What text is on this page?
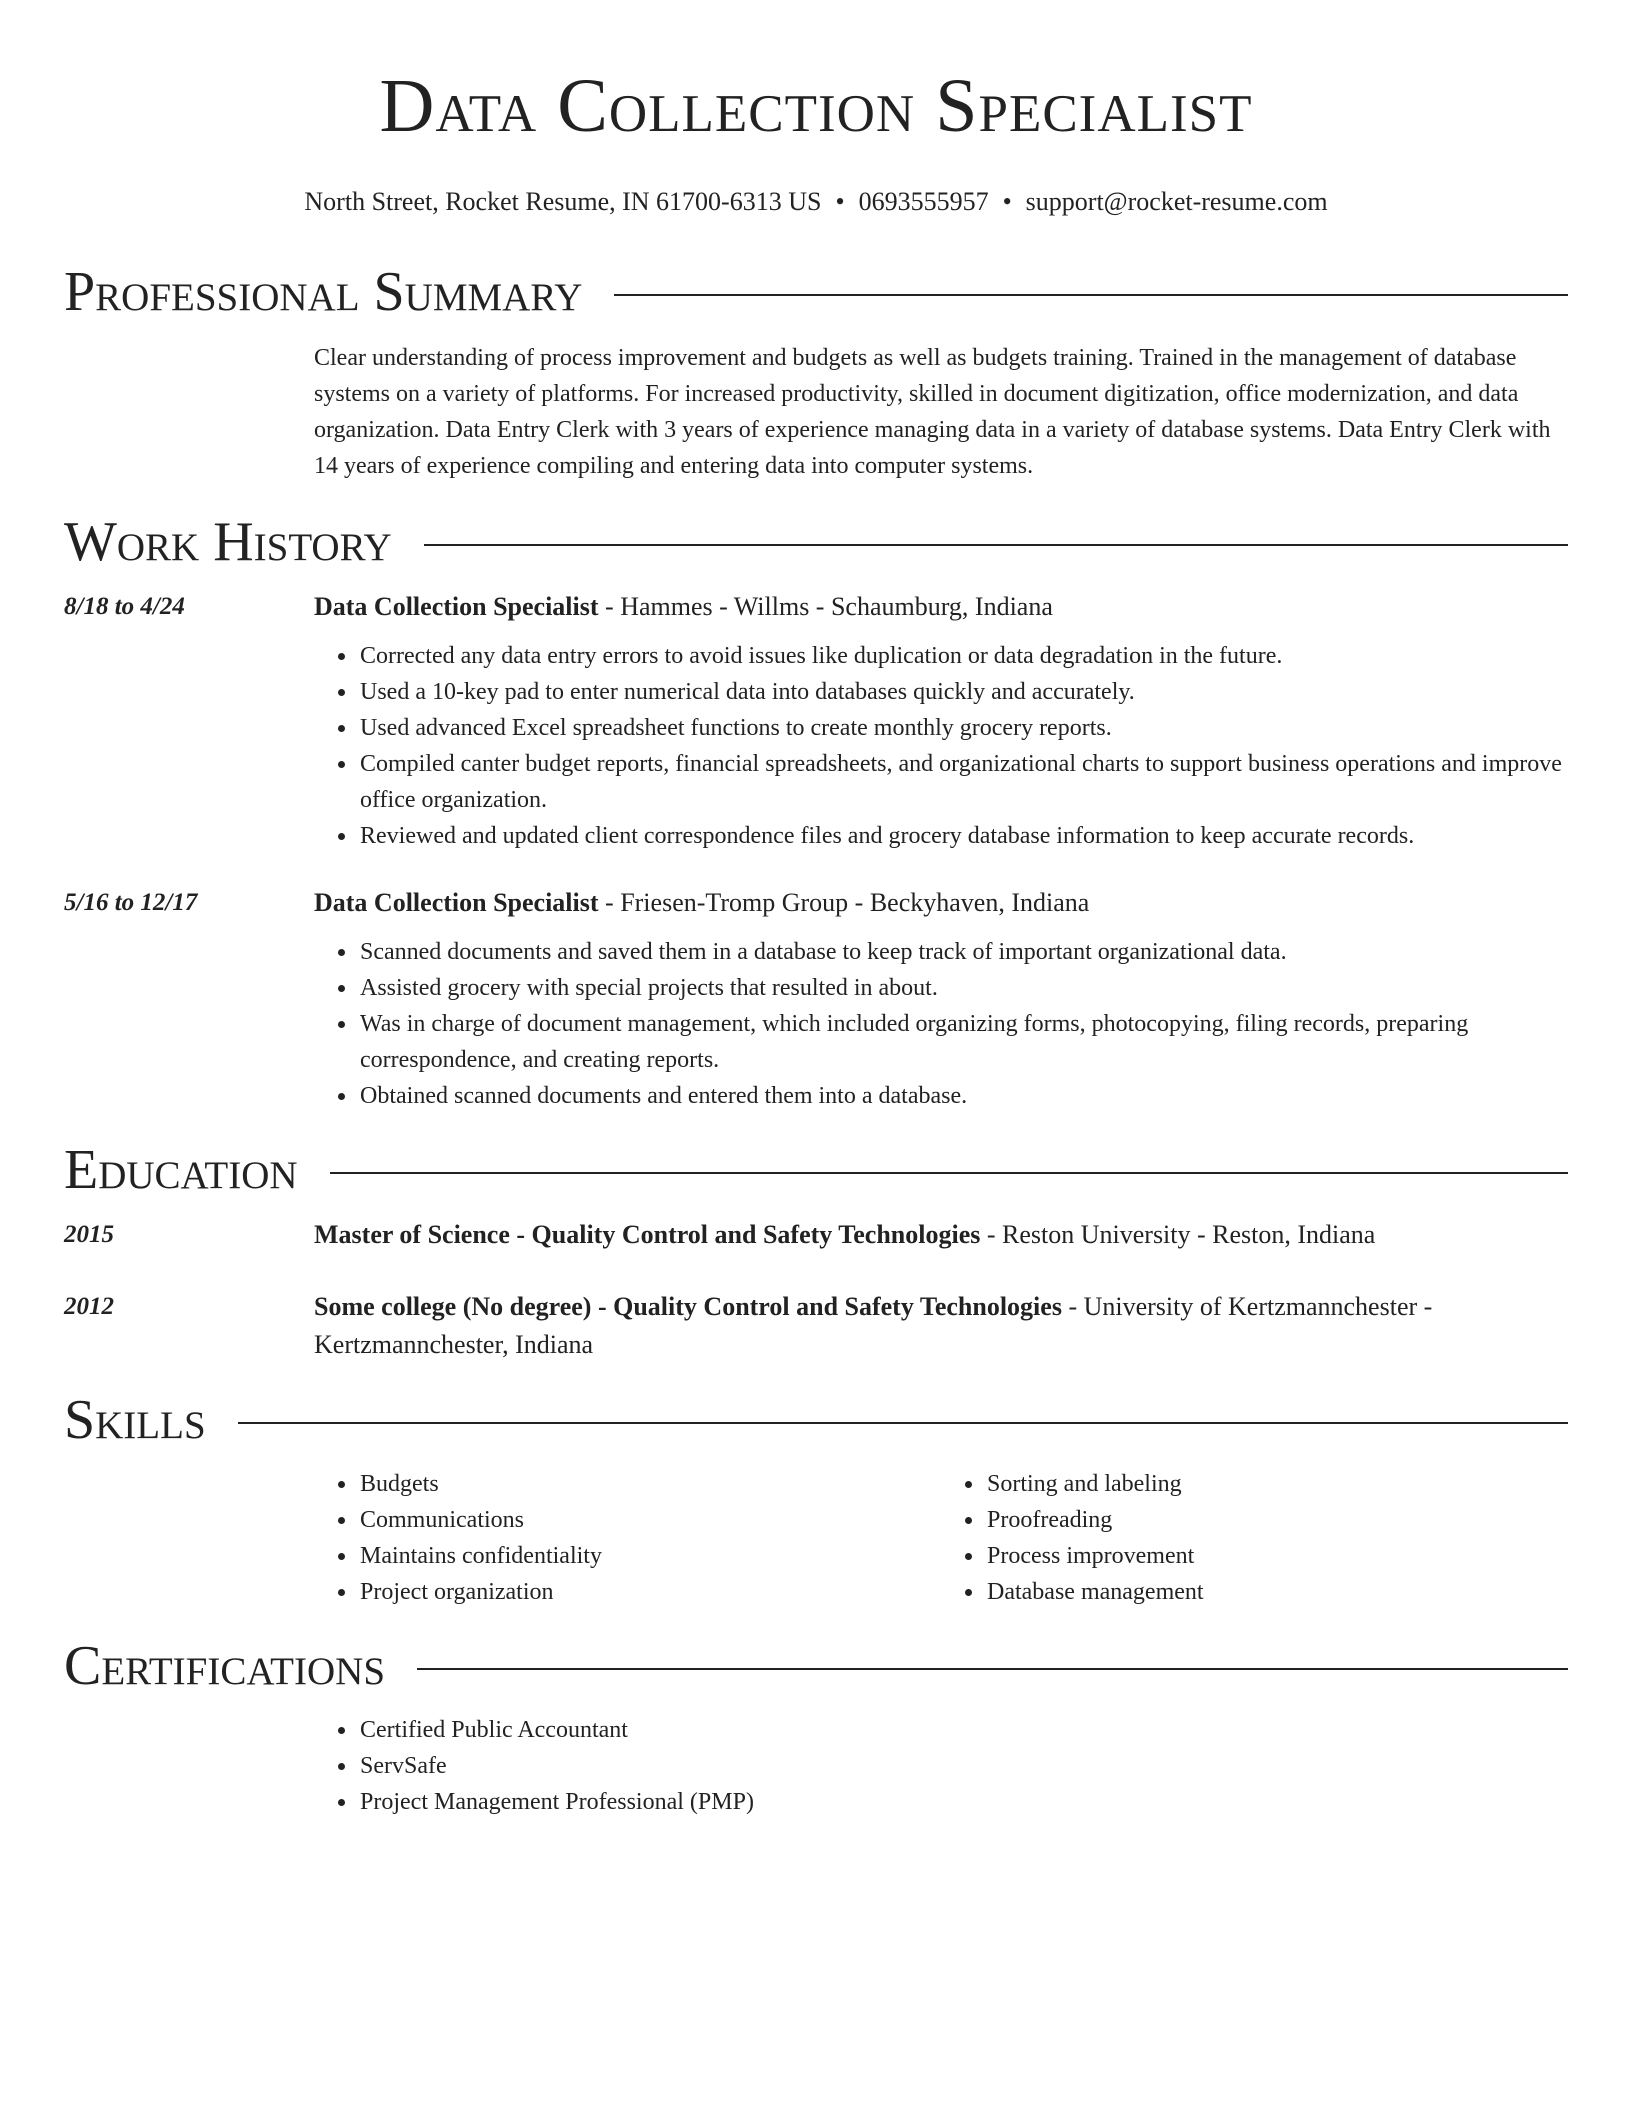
Data Collection Specialist
North Street, Rocket Resume, IN 61700-6313 US • 0693555957 • support@rocket-resume.com
Professional Summary
Clear understanding of process improvement and budgets as well as budgets training. Trained in the management of database systems on a variety of platforms. For increased productivity, skilled in document digitization, office modernization, and data organization. Data Entry Clerk with 3 years of experience managing data in a variety of database systems. Data Entry Clerk with 14 years of experience compiling and entering data into computer systems.
Work History
8/18 to 4/24	Data Collection Specialist - Hammes - Willms - Schaumburg, Indiana
• Corrected any data entry errors to avoid issues like duplication or data degradation in the future.
• Used a 10-key pad to enter numerical data into databases quickly and accurately.
• Used advanced Excel spreadsheet functions to create monthly grocery reports.
• Compiled canter budget reports, financial spreadsheets, and organizational charts to support business operations and improve office organization.
• Reviewed and updated client correspondence files and grocery database information to keep accurate records.
5/16 to 12/17	Data Collection Specialist - Friesen-Tromp Group - Beckyhaven, Indiana
• Scanned documents and saved them in a database to keep track of important organizational data.
• Assisted grocery with special projects that resulted in about.
• Was in charge of document management, which included organizing forms, photocopying, filing records, preparing correspondence, and creating reports.
• Obtained scanned documents and entered them into a database.
Education
2015	Master of Science - Quality Control and Safety Technologies - Reston University - Reston, Indiana
2012	Some college (No degree) - Quality Control and Safety Technologies - University of Kertzmannchester - Kertzmannchester, Indiana
Skills
• Budgets
• Communications
• Maintains confidentiality
• Project organization
• Sorting and labeling
• Proofreading
• Process improvement
• Database management
Certifications
• Certified Public Accountant
• ServSafe
• Project Management Professional (PMP)
